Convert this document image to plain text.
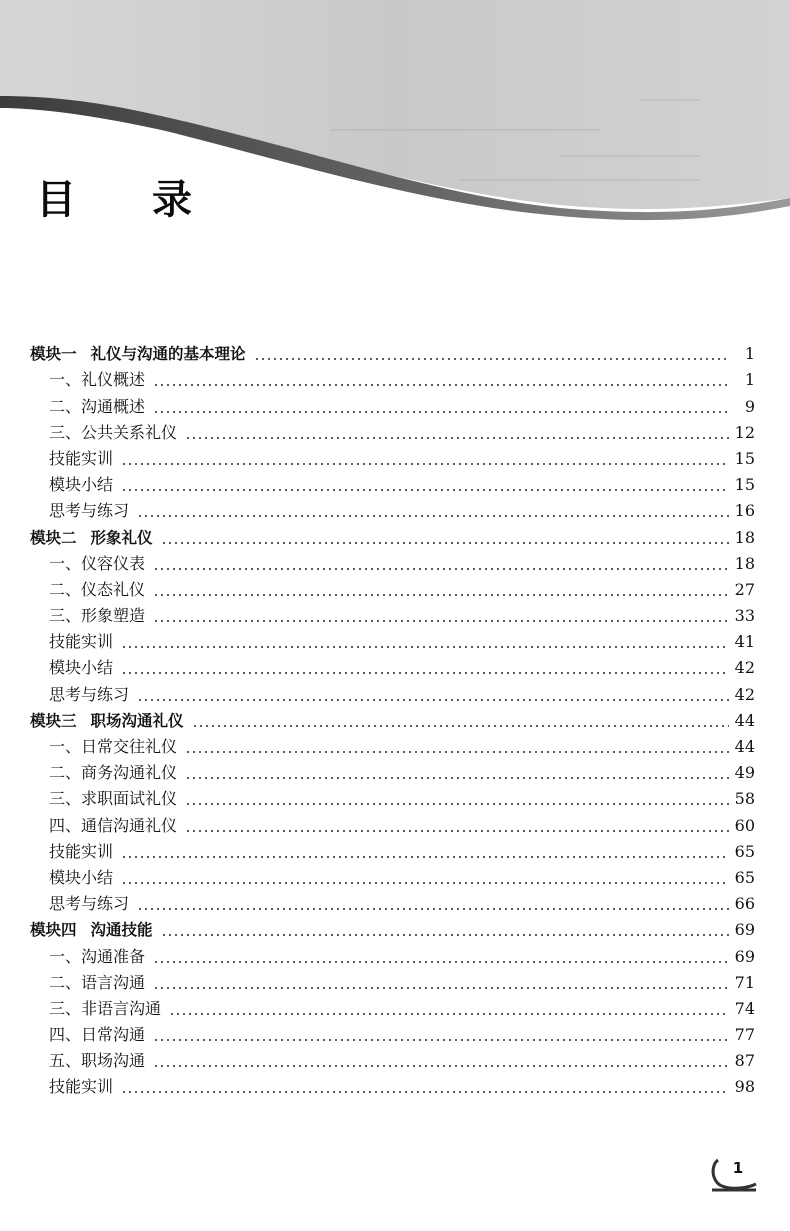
目 录
模块一 礼仪与沟通的基本理论	1
一、礼仪概述	1
二、沟通概述	9
三、公共关系礼仪	12
技能实训	15
模块小结	15
思考与练习	16
模块二 形象礼仪	18
一、仪容仪表	18
二、仪态礼仪	27
三、形象塑造	33
技能实训	41
模块小结	42
思考与练习	42
模块三 职场沟通礼仪	44
一、日常交往礼仪	44
二、商务沟通礼仪	49
三、求职面试礼仪	58
四、通信沟通礼仪	60
技能实训	65
模块小结	65
思考与练习	66
模块四 沟通技能	69
一、沟通准备	69
二、语言沟通	71
三、非语言沟通	74
四、日常沟通	77
五、职场沟通	87
技能实训	98
1
